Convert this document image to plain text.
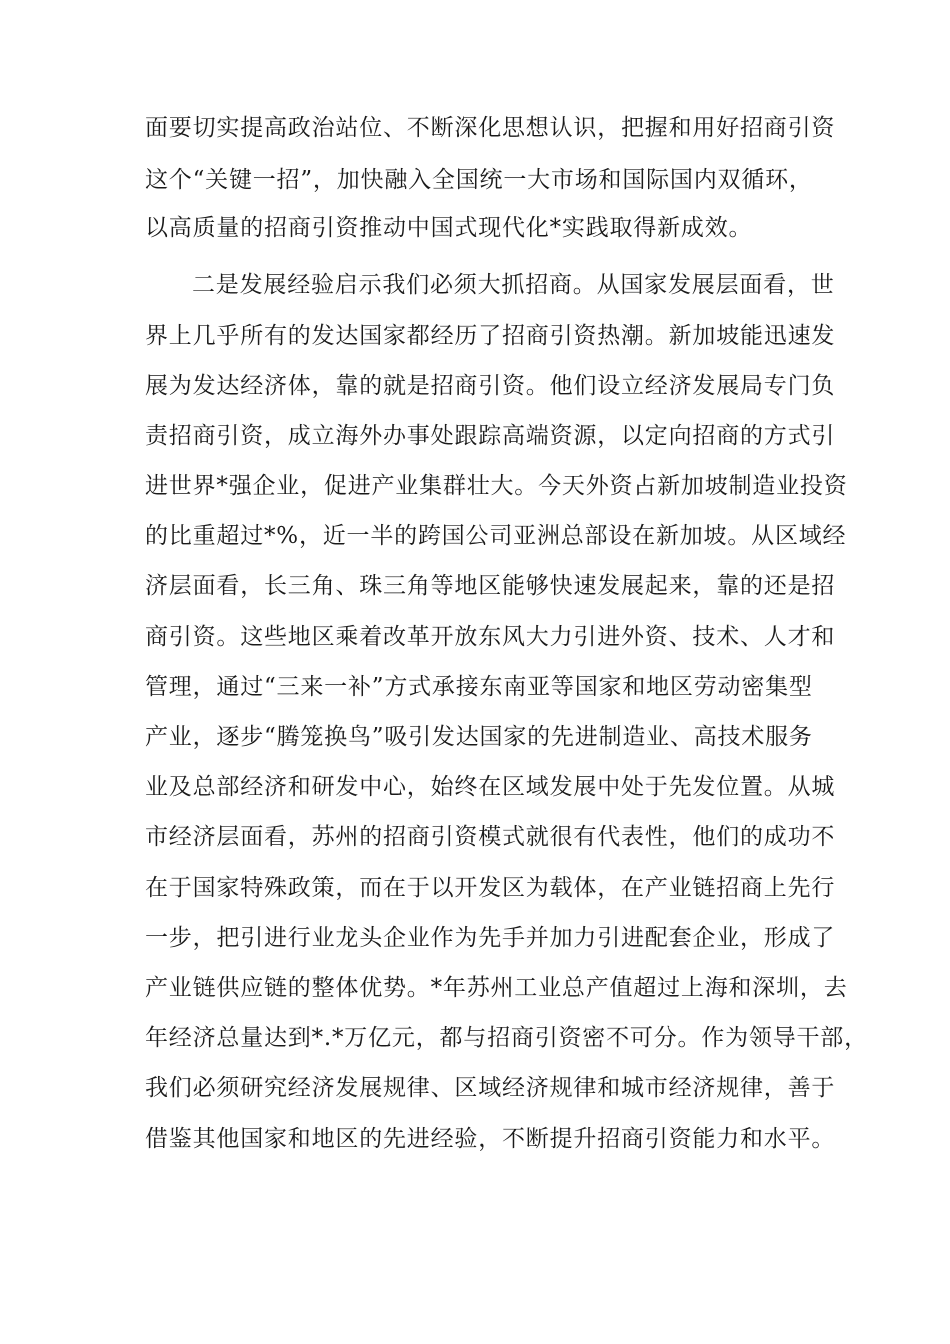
面要切实提高政治站位、不断深化思想认识，把握和用好招商引资
这个“关键一招”，加快融入全国统一大市场和国际国内双循环，
以高质量的招商引资推动中国式现代化*实践取得新成效。
二是发展经验启示我们必须大抓招商。从国家发展层面看，世
界上几乎所有的发达国家都经历了招商引资热潮。新加坡能迅速发
展为发达经济体，靠的就是招商引资。他们设立经济发展局专门负
责招商引资，成立海外办事处跟踪高端资源，以定向招商的方式引
进世界*强企业，促进产业集群壮大。今天外资占新加坡制造业投资
的比重超过*%，近一半的跨国公司亚洲总部设在新加坡。从区域经
济层面看，长三角、珠三角等地区能够快速发展起来，靠的还是招
商引资。这些地区乘着改革开放东风大力引进外资、技术、人才和
管理，通过“三来一补”方式承接东南亚等国家和地区劳动密集型
产业，逐步“腾笼换鸟”吸引发达国家的先进制造业、高技术服务
业及总部经济和研发中心，始终在区域发展中处于先发位置。从城
市经济层面看，苏州的招商引资模式就很有代表性，他们的成功不
在于国家特殊政策，而在于以开发区为载体，在产业链招商上先行
一步，把引进行业龙头企业作为先手并加力引进配套企业，形成了
产业链供应链的整体优势。*年苏州工业总产值超过上海和深圳，去
年经济总量达到*.*万亿元，都与招商引资密不可分。作为领导干部，
我们必须研究经济发展规律、区域经济规律和城市经济规律，善于
借鉴其他国家和地区的先进经验，不断提升招商引资能力和水平。
